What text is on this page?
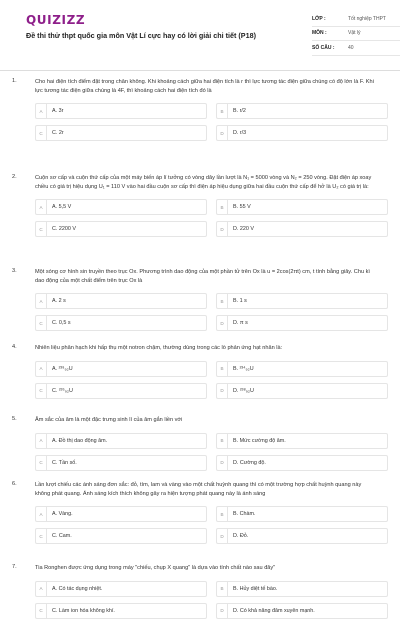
QUIZIZZ
Đề thi thử thpt quốc gia môn Vật Lí cực hay có lời giải chi tiết (P18)
LỚP :	Tốt nghiệp THPT
MÔN :	Vật lý
SỐ CÂU :	40
1.	Cho hai điện tích điểm đặt trong chân không. Khi khoảng cách giữa hai điện tích là r thì lực tương tác điện giữa chúng có độ lớn là F. Khi lực tương tác điện giữa chúng là 4F, thì khoảng cách hai điện tích đó là
A	A. 3r	B	B. r/2
C	C. 2r	D	D. r/3
2.	Cuộn sơ cấp và cuộn thứ cấp của một máy biến áp lí tưởng có vòng dây lần lượt là N₁ = 5000 vòng và N₂ = 250 vòng. Đặt điện áp xoay chiều có giá trị hiệu dụng U₁ = 110 V vào hai đầu cuộn sơ cấp thì điện áp hiệu dụng giữa hai đầu cuộn thứ cấp để hở là U₂ có giá trị là:
A	A. 5,5 V	B	B. 55 V
C	C. 2200 V	D	D. 220 V
3.	Một sóng cơ hình sin truyền theo trục Ox. Phương trình dao động của một phần tử trên Ox là u = 2cos(2πt) cm, t tính bằng giây. Chu kì dao động của một chất điểm trên trục Ox là
A	A. 2 s	B	B. 1 s
C	C. 0,5 s	D	D. π s
4.	Nhiên liệu phân hạch khi hấp thụ một notron chậm, thường dùng trong các lò phản ứng hạt nhân là:
A	A. ²³⁹₉₂U	B	B. ²³⁴₉₂U
C	C. ²³⁵₉₂U	D	D. ²³⁸₉₂U
5.	Âm sắc của âm là một đặc trưng sinh lí của âm gắn liền với
A	A. Đồ thị dao động âm.	B	B. Mức cường độ âm.
C	C. Tần số.	D	D. Cường độ.
6.	Lần lượt chiếu các ánh sáng đơn sắc: đỏ, tím, lam và vàng vào một chất huỳnh quang thì có một trường hợp chất huỳnh quang này không phát quang. Ánh sáng kích thích không gây ra hiện tượng phát quang này là ánh sáng
A	A. Vàng.	B	B. Chàm.
C	C. Cam.	D	D. Đỏ.
7.	Tia Ronghen được ứng dụng trong máy "chiếu, chụp X quang" là dựa vào tính chất nào sau đây"
A	A. Có tác dụng nhiệt.	B	B. Hủy diệt tế bào.
C	C. Làm ion hóa không khí.	D	D. Có khả năng đâm xuyên mạnh.
